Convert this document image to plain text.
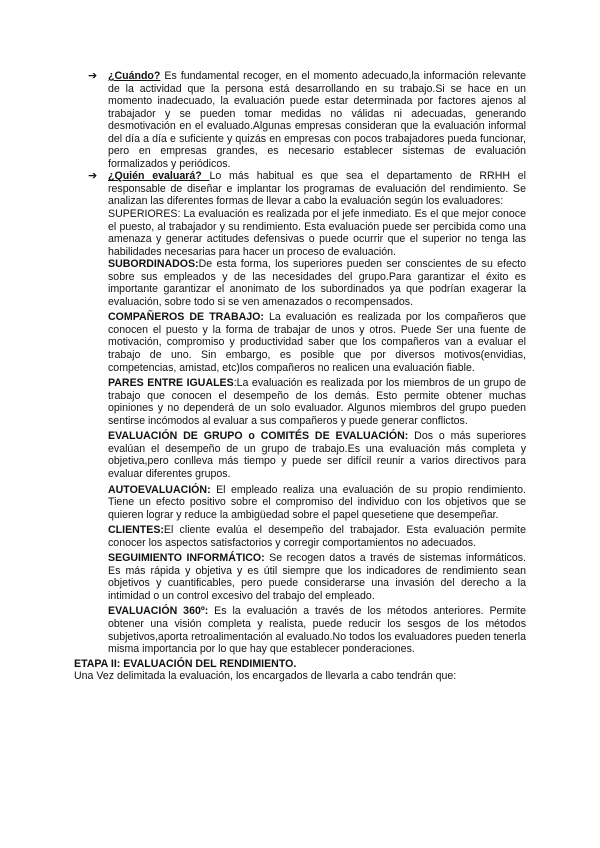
➔ ¿Cuándo? Es fundamental recoger, en el momento adecuado,la información relevante de la actividad que la persona está desarrollando en su trabajo.Si se hace en un momento inadecuado, la evaluación puede estar determinada por factores ajenos al trabajador y se pueden tomar medidas no válidas ni adecuadas, generando desmotivación en el evaluado.Algunas empresas consideran que la evaluación informal del día a día e suficiente y quizás en empresas con pocos trabajadores pueda funcionar, pero en empresas grandes, es necesario establecer sistemas de evaluación formalizados y periódicos.
➔ ¿Quién evaluará? Lo más habitual es que sea el departamento de RRHH el responsable de diseñar e implantar los programas de evaluación del rendimiento. Se analizan las diferentes formas de llevar a cabo la evaluación según los evaluadores:
SUPERIORES: La evaluación es realizada por el jefe inmediato. Es el que mejor conoce el puesto, al trabajador y su rendimiento. Esta evaluación puede ser percibida como una amenaza y generar actitudes defensivas o puede ocurrir que el superior no tenga las habilidades necesarias para hacer un proceso de evaluación.
SUBORDINADOS:De esta forma, los superiores pueden ser conscientes de su efecto sobre sus empleados y de las necesidades del grupo.Para garantizar el éxito es importante garantizar el anonimato de los subordinados ya que podrían exagerar la evaluación, sobre todo si se ven amenazados o recompensados.
COMPAÑEROS DE TRABAJO: La evaluación es realizada por los compañeros que conocen el puesto y la forma de trabajar de unos y otros. Puede Ser una fuente de motivación, compromiso y productividad saber que los compañeros van a evaluar el trabajo de uno. Sin embargo, es posible que por diversos motivos(envidias, competencias, amistad, etc)los compañeros no realicen una evaluación fiable.
PARES ENTRE IGUALES:La evaluación es realizada por los miembros de un grupo de trabajo que conocen el desempeño de los demás. Esto permite obtener muchas opiniones y no dependerá de un solo evaluador. Algunos miembros del grupo pueden sentirse incómodos al evaluar a sus compañeros y puede generar conflictos.
EVALUACIÓN DE GRUPO o COMITÉS DE EVALUACIÓN: Dos o más superiores evalúan el desempeño de un grupo de trabajo.Es una evaluación más completa y objetiva,pero conlleva más tiempo y puede ser difícil reunir a varios directivos para evaluar diferentes grupos.
AUTOEVALUACIÓN: El empleado realiza una evaluación de su propio rendimiento. Tiene un efecto positivo sobre el compromiso del individuo con los objetivos que se quieren lograr y reduce la ambigüedad sobre el papel quesetiene que desempeñar.
CLIENTES:El cliente evalúa el desempeño del trabajador. Esta evaluación permite conocer los aspectos satisfactorios y corregir comportamientos no adecuados.
SEGUIMIENTO INFORMÁTICO: Se recogen datos a través de sistemas informáticos. Es más rápida y objetiva y es útil siempre que los indicadores de rendimiento sean objetivos y cuantificables, pero puede considerarse una invasión del derecho a la intimidad o un control excesivo del trabajo del empleado.
EVALUACIÓN 360º: Es la evaluación a través de los métodos anteriores. Permite obtener una visión completa y realista, puede reducir los sesgos de los métodos subjetivos,aporta retroalimentación al evaluado.No todos los evaluadores pueden tenerla misma importancia por lo que hay que establecer ponderaciones.
ETAPA II: EVALUACIÓN DEL RENDIMIENTO.
Una Vez delimitada la evaluación, los encargados de llevarla a cabo tendrán que:
